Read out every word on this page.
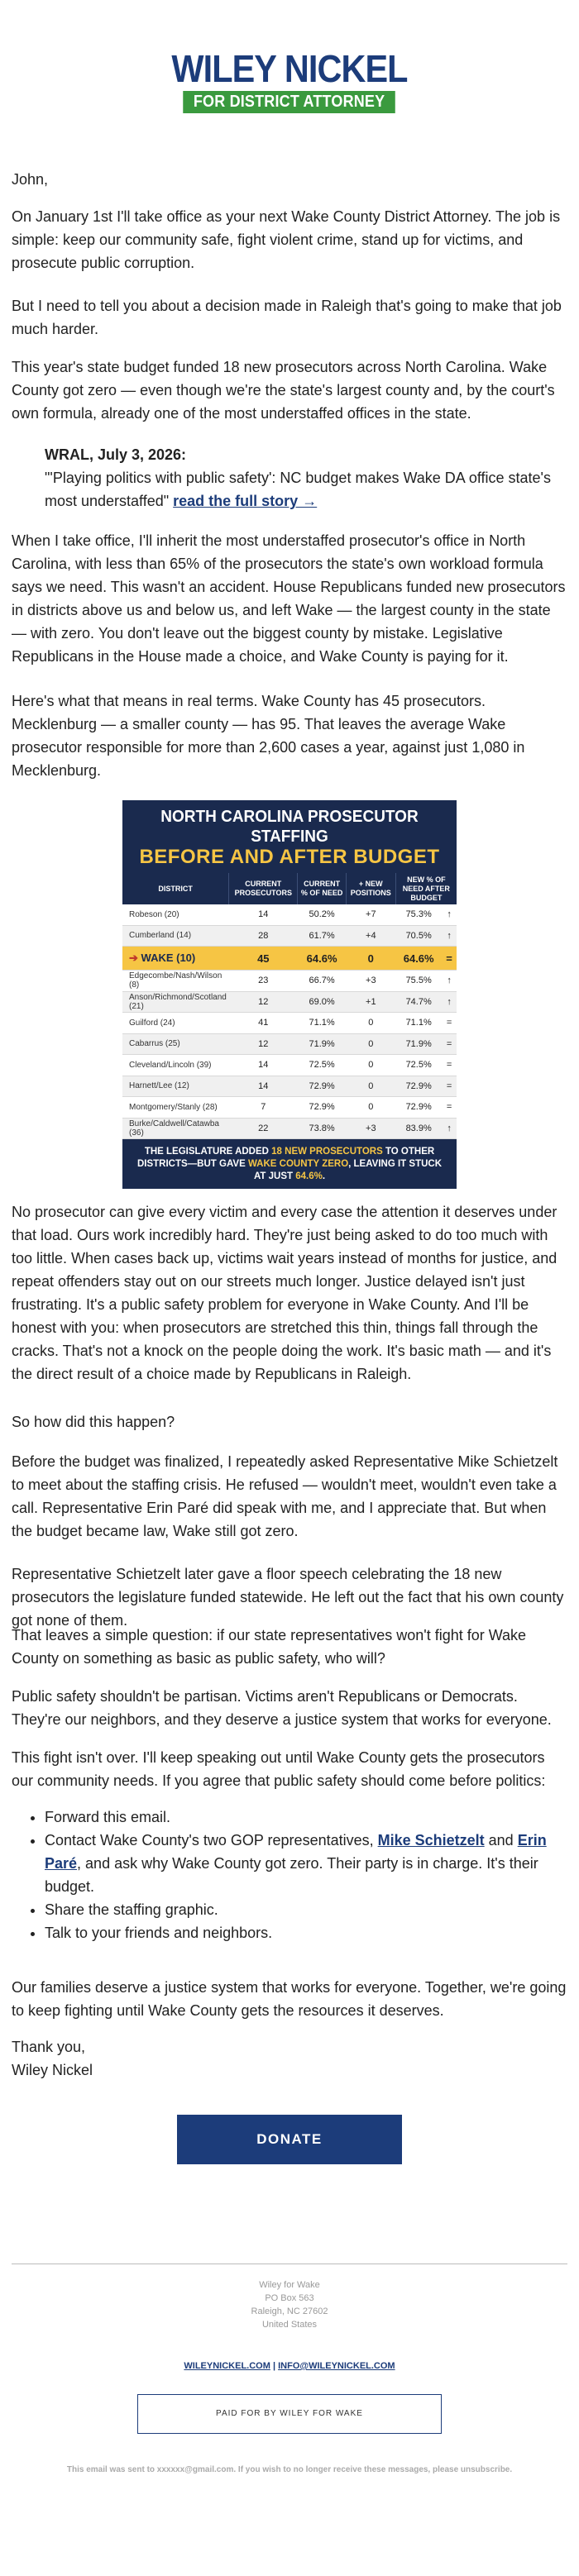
WILEY NICKEL
FOR DISTRICT ATTORNEY

John,

On January 1st I'll take office as your next Wake County District Attorney. The job is simple: keep our community safe, fight violent crime, stand up for victims, and prosecute public corruption.

But I need to tell you about a decision made in Raleigh that's going to make that job much harder.

This year's state budget funded 18 new prosecutors across North Carolina. Wake County got zero — even though we're the state's largest county and, by the court's own formula, already one of the most understaffed offices in the state.

WRAL, July 3, 2026:

"'Playing politics with public safety': NC budget makes Wake DA office state's most understaffed" read the full story →

When I take office, I'll inherit the most understaffed prosecutor's office in North Carolina, with less than 65% of the prosecutors the state's own workload formula says we need. This wasn't an accident. House Republicans funded new prosecutors in districts above us and below us, and left Wake — the largest county in the state — with zero. You don't leave out the biggest county by mistake. Legislative Republicans in the House made a choice, and Wake County is paying for it.

Here's what that means in real terms. Wake County has 45 prosecutors. Mecklenburg — a smaller county — has 95. That leaves the average Wake prosecutor responsible for more than 2,600 cases a year, against just 1,080 in Mecklenburg.

NORTH CAROLINA PROSECUTOR STAFFING
BEFORE AND AFTER BUDGET
DISTRICT	CURRENT PROSECUTORS	CURRENT % OF NEED	+ NEW POSITIONS	NEW % OF NEED AFTER BUDGET	
Robeson (20)	14	50.2%	+7	75.3%	↑
Cumberland (14)	28	61.7%	+4	70.5%	↑
➔ WAKE (10)	45	64.6%	0	64.6%	=
Edgecombe/Nash/Wilson (8)	23	66.7%	+3	75.5%	↑
Anson/Richmond/Scotland (21)	12	69.0%	+1	74.7%	↑
Guilford (24)	41	71.1%	0	71.1%	=
Cabarrus (25)	12	71.9%	0	71.9%	=
Cleveland/Lincoln (39)	14	72.5%	0	72.5%	=
Harnett/Lee (12)	14	72.9%	0	72.9%	=
Montgomery/Stanly (28)	7	72.9%	0	72.9%	=
Burke/Caldwell/Catawba (36)	22	73.8%	+3	83.9%	↑
THE LEGISLATURE ADDED 18 NEW PROSECUTORS TO OTHER DISTRICTS—BUT GAVE WAKE COUNTY ZERO, LEAVING IT STUCK AT JUST 64.6%.

No prosecutor can give every victim and every case the attention it deserves under that load. Ours work incredibly hard. They're just being asked to do too much with too little. When cases back up, victims wait years instead of months for justice, and repeat offenders stay out on our streets much longer. Justice delayed isn't just frustrating. It's a public safety problem for everyone in Wake County. And I'll be honest with you: when prosecutors are stretched this thin, things fall through the cracks. That's not a knock on the people doing the work. It's basic math — and it's the direct result of a choice made by Republicans in Raleigh.

So how did this happen?

Before the budget was finalized, I repeatedly asked Representative Mike Schietzelt to meet about the staffing crisis. He refused — wouldn't meet, wouldn't even take a call. Representative Erin Paré did speak with me, and I appreciate that. But when the budget became law, Wake still got zero.

Representative Schietzelt later gave a floor speech celebrating the 18 new prosecutors the legislature funded statewide. He left out the fact that his own county got none of them.

That leaves a simple question: if our state representatives won't fight for Wake County on something as basic as public safety, who will?

Public safety shouldn't be partisan. Victims aren't Republicans or Democrats. They're our neighbors, and they deserve a justice system that works for everyone.

This fight isn't over. I'll keep speaking out until Wake County gets the prosecutors our community needs. If you agree that public safety should come before politics:

• Forward this email.
• Contact Wake County's two GOP representatives, Mike Schietzelt and Erin Paré, and ask why Wake County got zero. Their party is in charge. It's their budget.
• Share the staffing graphic.
• Talk to your friends and neighbors.

Our families deserve a justice system that works for everyone. Together, we're going to keep fighting until Wake County gets the resources it deserves.

Thank you,

Wiley Nickel

DONATE
Wiley for Wake
PO Box 563
Raleigh, NC 27602
United States
WILEYNICKEL.COM | INFO@WILEYNICKEL.COM
PAID FOR BY WILEY FOR WAKE
This email was sent to xxxxxx@gmail.com. If you wish to no longer receive these messages, please unsubscribe.
